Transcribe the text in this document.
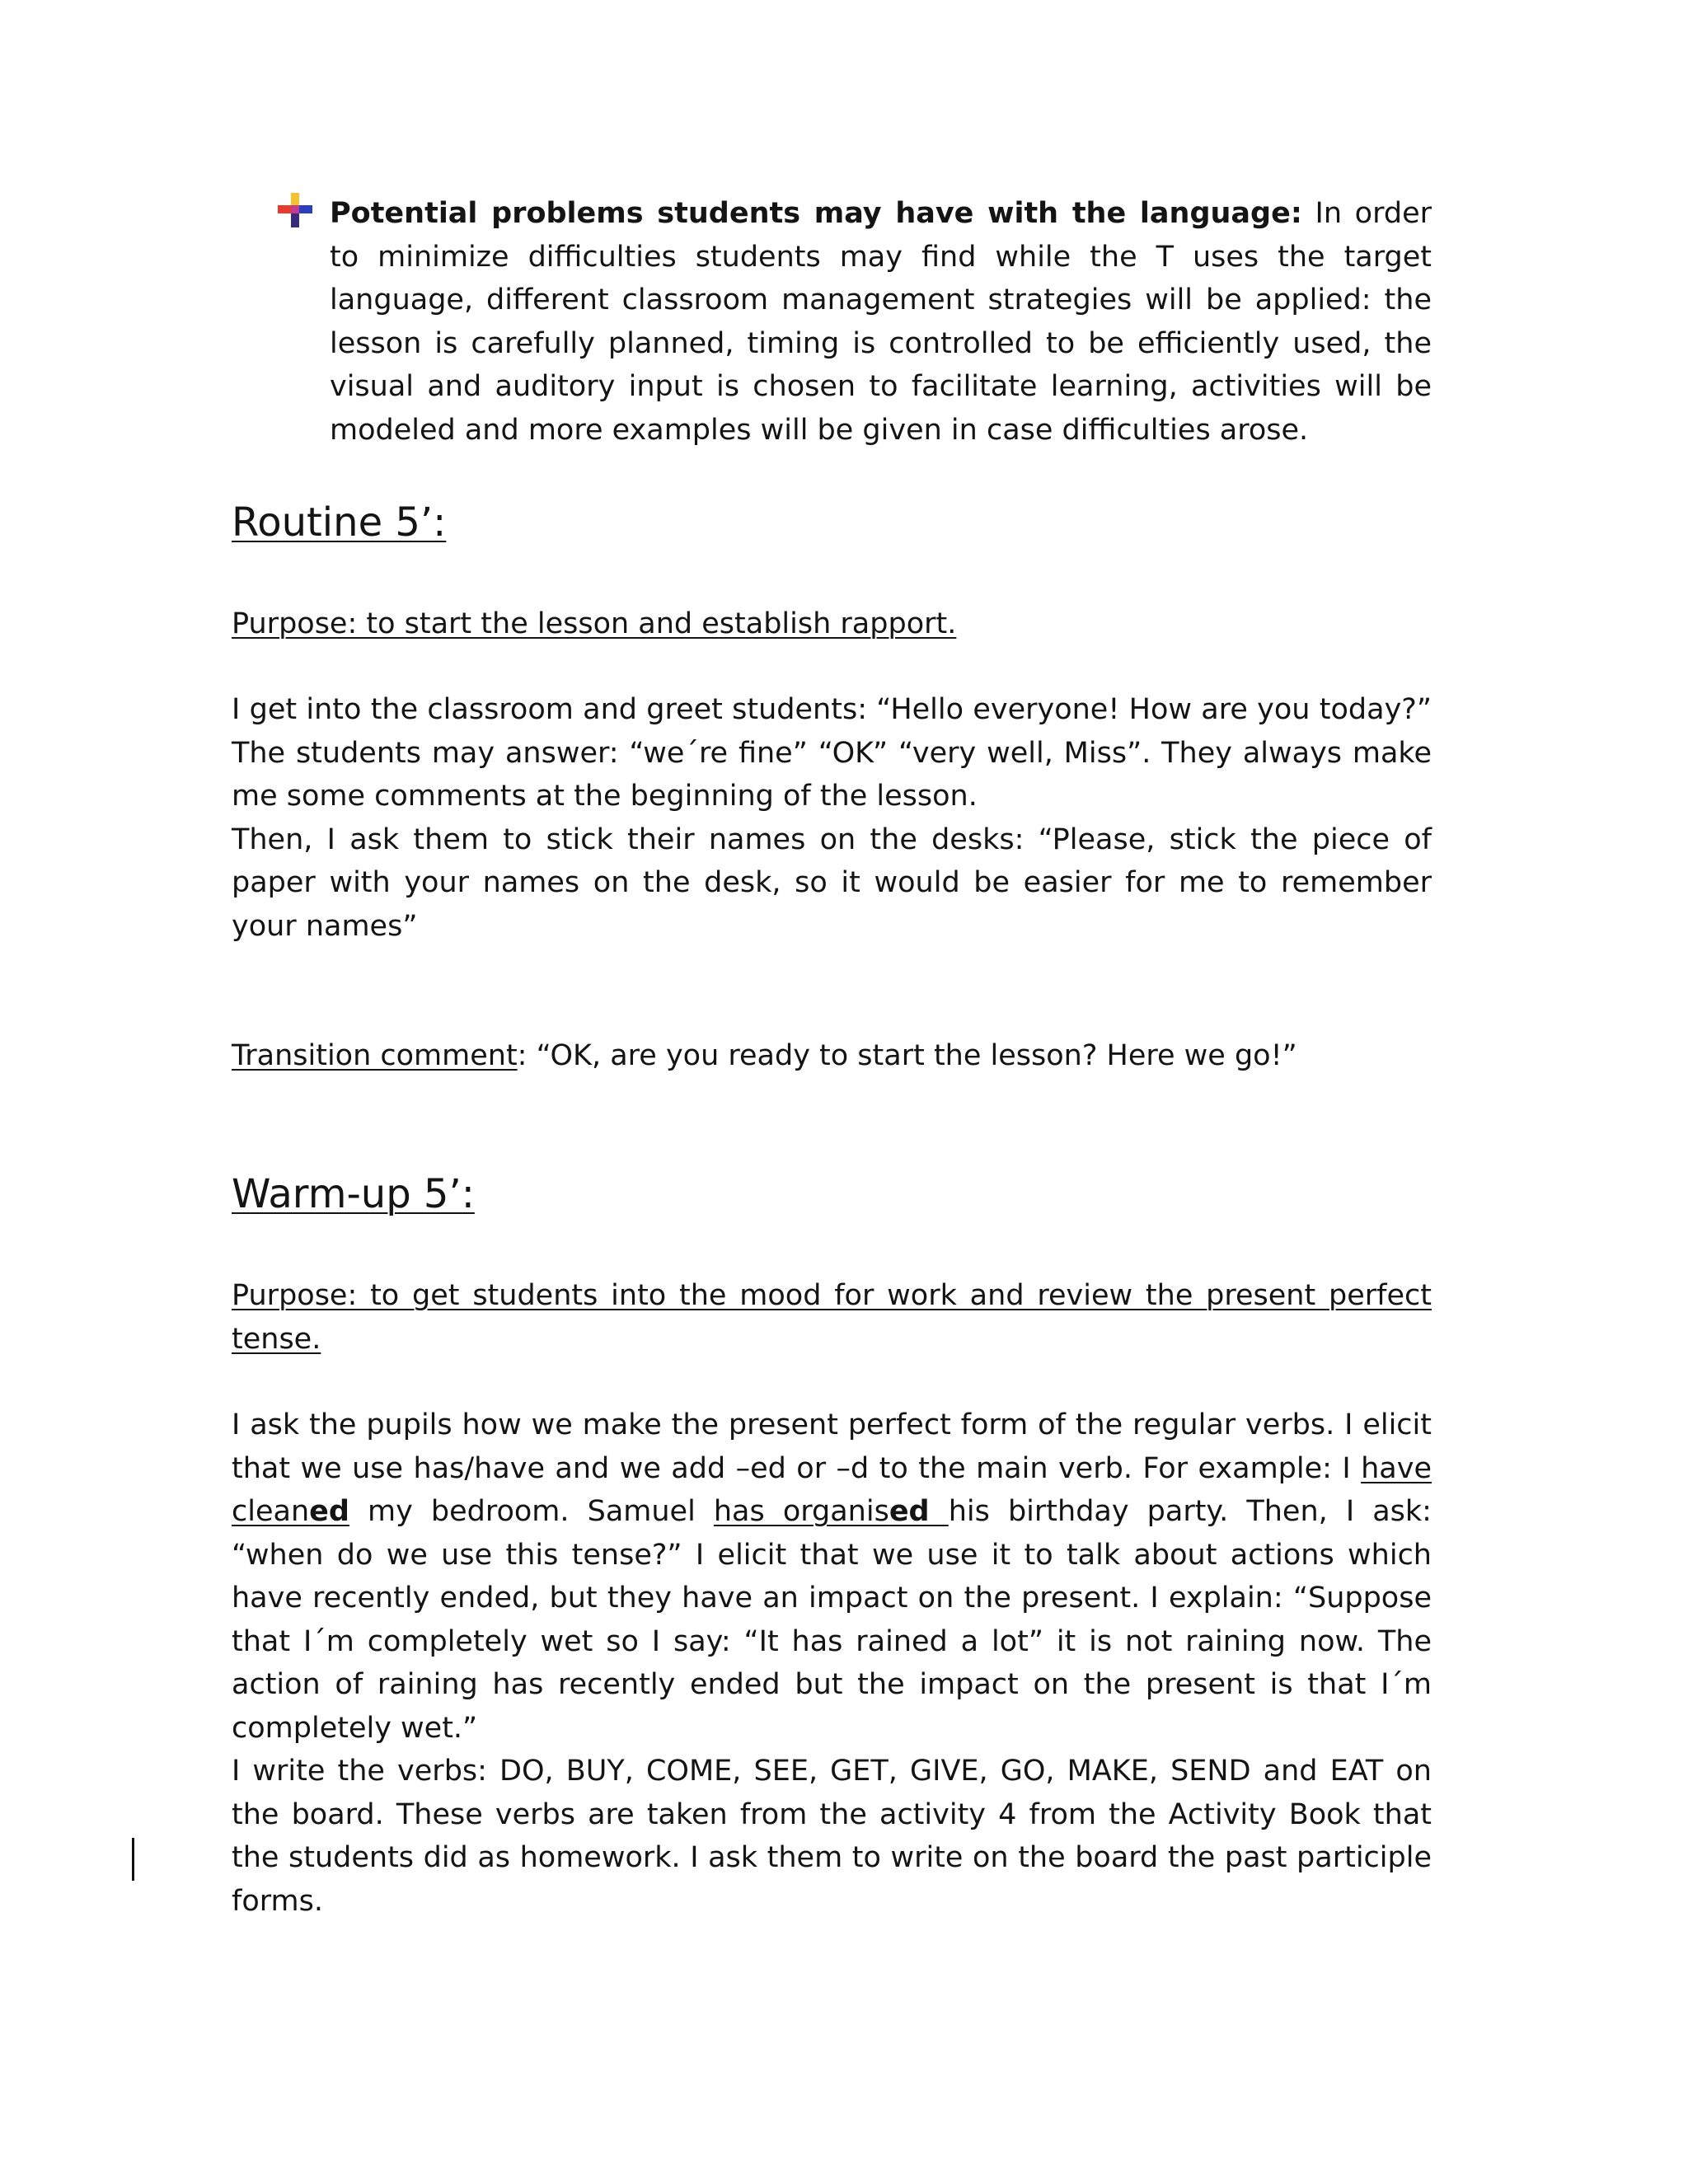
Potential problems students may have with the language: In order to minimize difficulties students may find while the T uses the target language, different classroom management strategies will be applied: the lesson is carefully planned, timing is controlled to be efficiently used, the visual and auditory input is chosen to facilitate learning, activities will be modeled and more examples will be given in case difficulties arose.

Routine 5’:

Purpose: to start the lesson and establish rapport.

I get into the classroom and greet students: “Hello everyone! How are you today?” The students may answer: “we´re fine” “OK” “very well, Miss”. They always make me some comments at the beginning of the lesson.

Then, I ask them to stick their names on the desks: “Please, stick the piece of paper with your names on the desk, so it would be easier for me to remember your names”

Transition comment: “OK, are you ready to start the lesson? Here we go!”

Warm-up 5’:

Purpose: to get students into the mood for work and review the present perfect tense.

I ask the pupils how we make the present perfect form of the regular verbs. I elicit that we use has/have and we add –ed or –d to the main verb. For example: I have cleaned my bedroom. Samuel has organised his birthday party. Then, I ask: “when do we use this tense?” I elicit that we use it to talk about actions which have recently ended, but they have an impact on the present. I explain: “Suppose that I´m completely wet so I say: “It has rained a lot” it is not raining now. The action of raining has recently ended but the impact on the present is that I´m completely wet.”

I write the verbs: DO, BUY, COME, SEE, GET, GIVE, GO, MAKE, SEND and EAT on the board. These verbs are taken from the activity 4 from the Activity Book that the students did as homework. I ask them to write on the board the past participle forms.
